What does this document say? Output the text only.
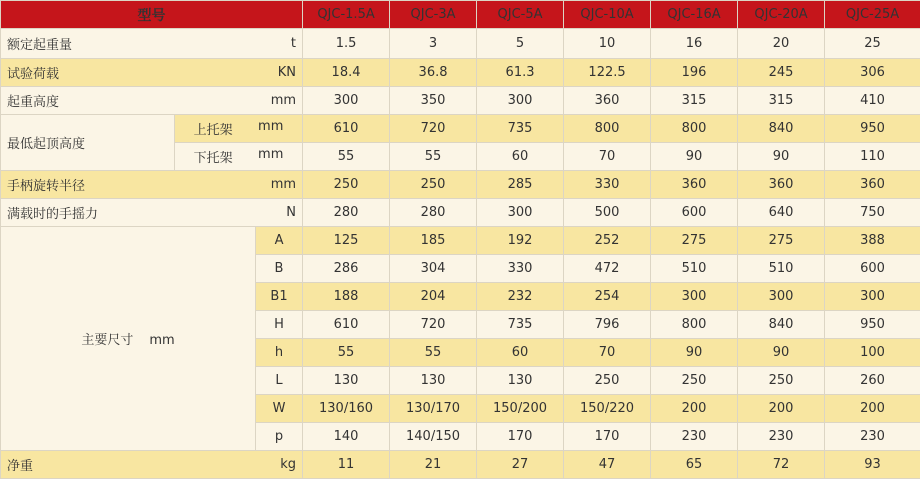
型号			QJC-1.5A	QJC-3A	QJC-5A	QJC-10A	QJC-16A	QJC-20A	QJC-25A

额定起重量 t			1.5	3	5	10	16	20	25

试验荷载 KN			18.4	36.8	61.3	122.5	196	245	306

起重高度 mm			300	350	300	360	315	315	410
最低起顶高度	上托架 mm		610	720	735	800	800	840	950

	下托架 mm		55	55	60	70	90	90	110

手柄旋转半径 mm			250	250	285	330	360	360	360

满载时的手摇力 N			280	280	300	500	600	640	750
主要尺寸 mm		A	125	185	192	252	275	275	388
		B	286	304	330	472	510	510	600
		B1	188	204	232	254	300	300	300
		H	610	720	735	796	800	840	950
		h	55	55	60	70	90	90	100
		L	130	130	130	250	250	250	260
		W	130/160	130/170	150/200	150/220	200	200	200
		p	140	140/150	170	170	230	230	230

净重 kg			11	21	27	47	65	72	93
